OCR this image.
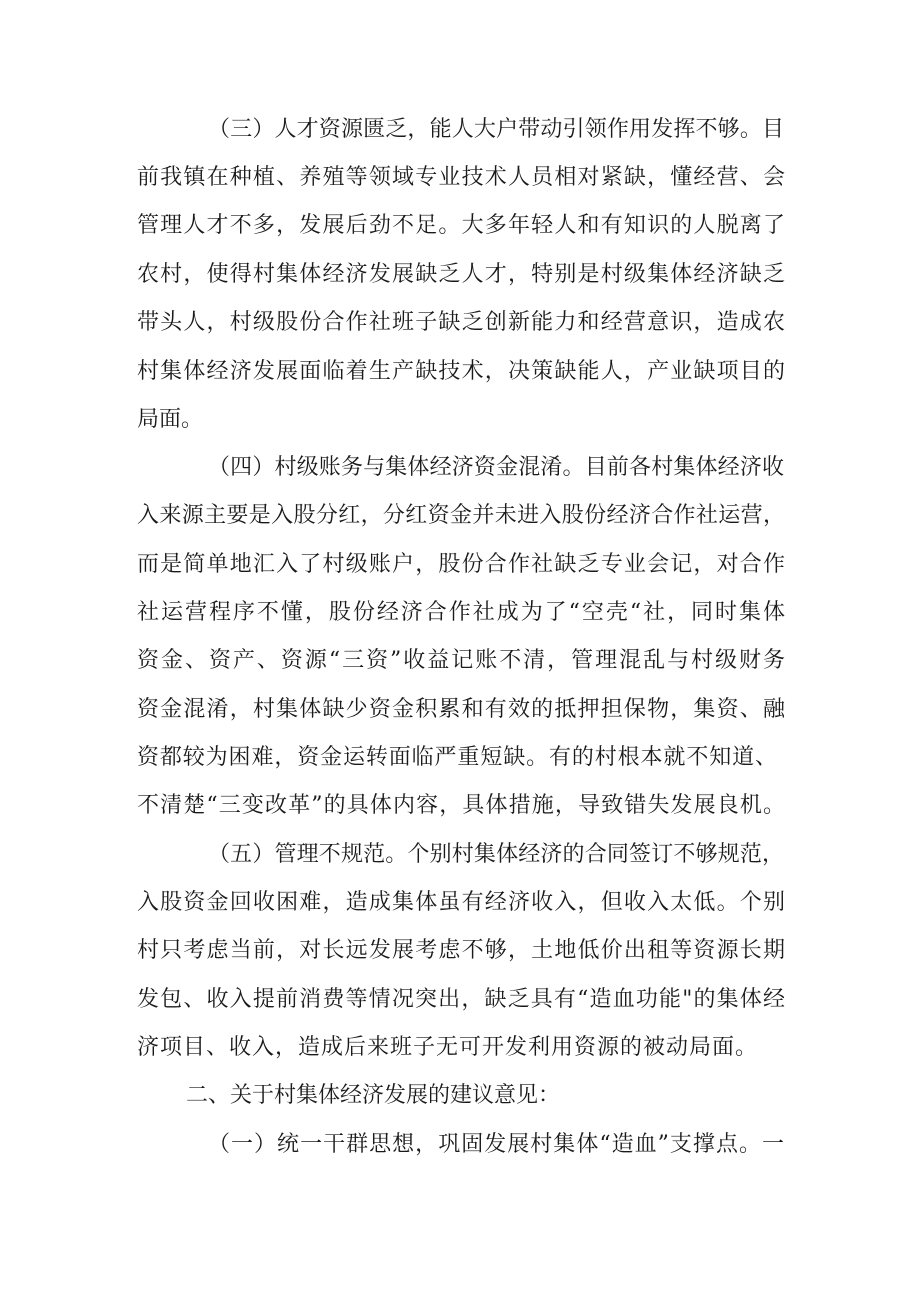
（三）人才资源匮乏，能人大户带动引领作用发挥不够。目
前我镇在种植、养殖等领域专业技术人员相对紧缺，懂经营、会
管理人才不多，发展后劲不足。大多年轻人和有知识的人脱离了
农村，使得村集体经济发展缺乏人才，特别是村级集体经济缺乏
带头人，村级股份合作社班子缺乏创新能力和经营意识，造成农
村集体经济发展面临着生产缺技术，决策缺能人，产业缺项目的
局面。
（四）村级账务与集体经济资金混淆。目前各村集体经济收
入来源主要是入股分红，分红资金并未进入股份经济合作社运营，
而是简单地汇入了村级账户，股份合作社缺乏专业会记，对合作
社运营程序不懂，股份经济合作社成为了“空壳“社，同时集体
资金、资产、资源“三资”收益记账不清，管理混乱与村级财务
资金混淆，村集体缺少资金积累和有效的抵押担保物，集资、融
资都较为困难，资金运转面临严重短缺。有的村根本就不知道、
不清楚“三变改革”的具体内容，具体措施，导致错失发展良机。
（五）管理不规范。个别村集体经济的合同签订不够规范，
入股资金回收困难，造成集体虽有经济收入，但收入太低。个别
村只考虑当前，对长远发展考虑不够，土地低价出租等资源长期
发包、收入提前消费等情况突出，缺乏具有“造血功能"的集体经
济项目、收入，造成后来班子无可开发利用资源的被动局面。
二、关于村集体经济发展的建议意见：
（一）统一干群思想，巩固发展村集体“造血”支撑点。一
